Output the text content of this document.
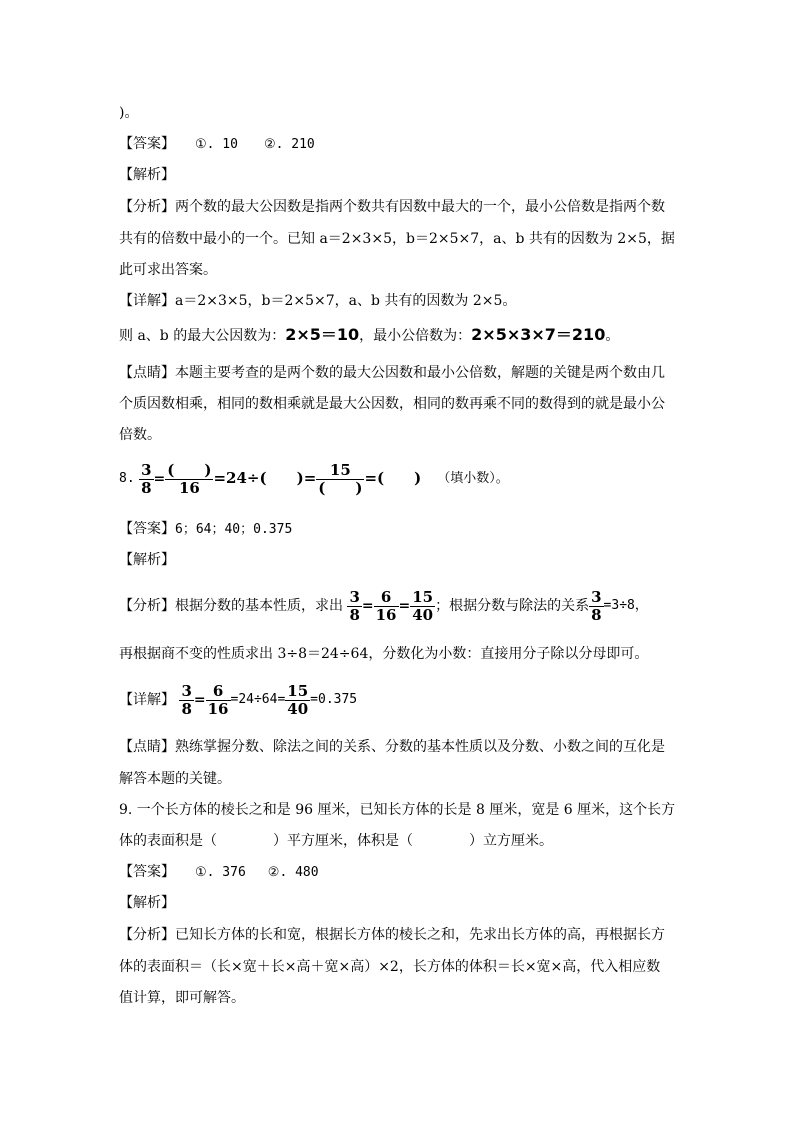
)。
【答案】 ①. 10 ②. 210
【解析】
【分析】两个数的最大公因数是指两个数共有因数中最大的一个，最小公倍数是指两个数
共有的倍数中最小的一个。已知 a＝2×3×5，b＝2×5×7，a、b 共有的因数为 2×5，据
此可求出答案。
【详解】a＝2×3×5，b＝2×5×7，a、b 共有的因数为 2×5。
则 a、b 的最大公因数为：2×5＝10，最小公倍数为：2×5×3×7＝210。
【点睛】本题主要考查的是两个数的最大公因数和最小公倍数，解题的关键是两个数由几
个质因数相乘，相同的数相乘就是最大公因数，相同的数再乘不同的数得到的就是最小公
倍数。
8. $\frac{3}{8} = \frac{( )}{16} =24\div$(　　)= $\frac{15}{( )}$ =(　　) （填小数）。
【答案】6；64；40；0.375
【解析】
【分析】根据分数的基本性质，求出 $\frac{3}{8} = \frac{6}{16} = \frac{15}{40}$ ；根据分数与除法的关系 $\frac{3}{8} =3\div 8$，
再根据商不变的性质求出 3÷8＝24÷64，分数化为小数：直接用分子除以分母即可。
【详解】 $\frac{3}{8} = \frac{6}{16} =24\div 64= \frac{15}{40} =0.375$
【点睛】熟练掌握分数、除法之间的关系、分数的基本性质以及分数、小数之间的互化是
解答本题的关键。
9. 一个长方体的棱长之和是 96 厘米，已知长方体的长是 8 厘米，宽是 6 厘米，这个长方
体的表面积是（　　　　）平方厘米，体积是（　　　　）立方厘米。
【答案】 ①. 376 ②. 480
【解析】
【分析】已知长方体的长和宽，根据长方体的棱长之和，先求出长方体的高，再根据长方
体的表面积＝（长×宽＋长×高＋宽×高）×2，长方体的体积＝长×宽×高，代入相应数
值计算，即可解答。
